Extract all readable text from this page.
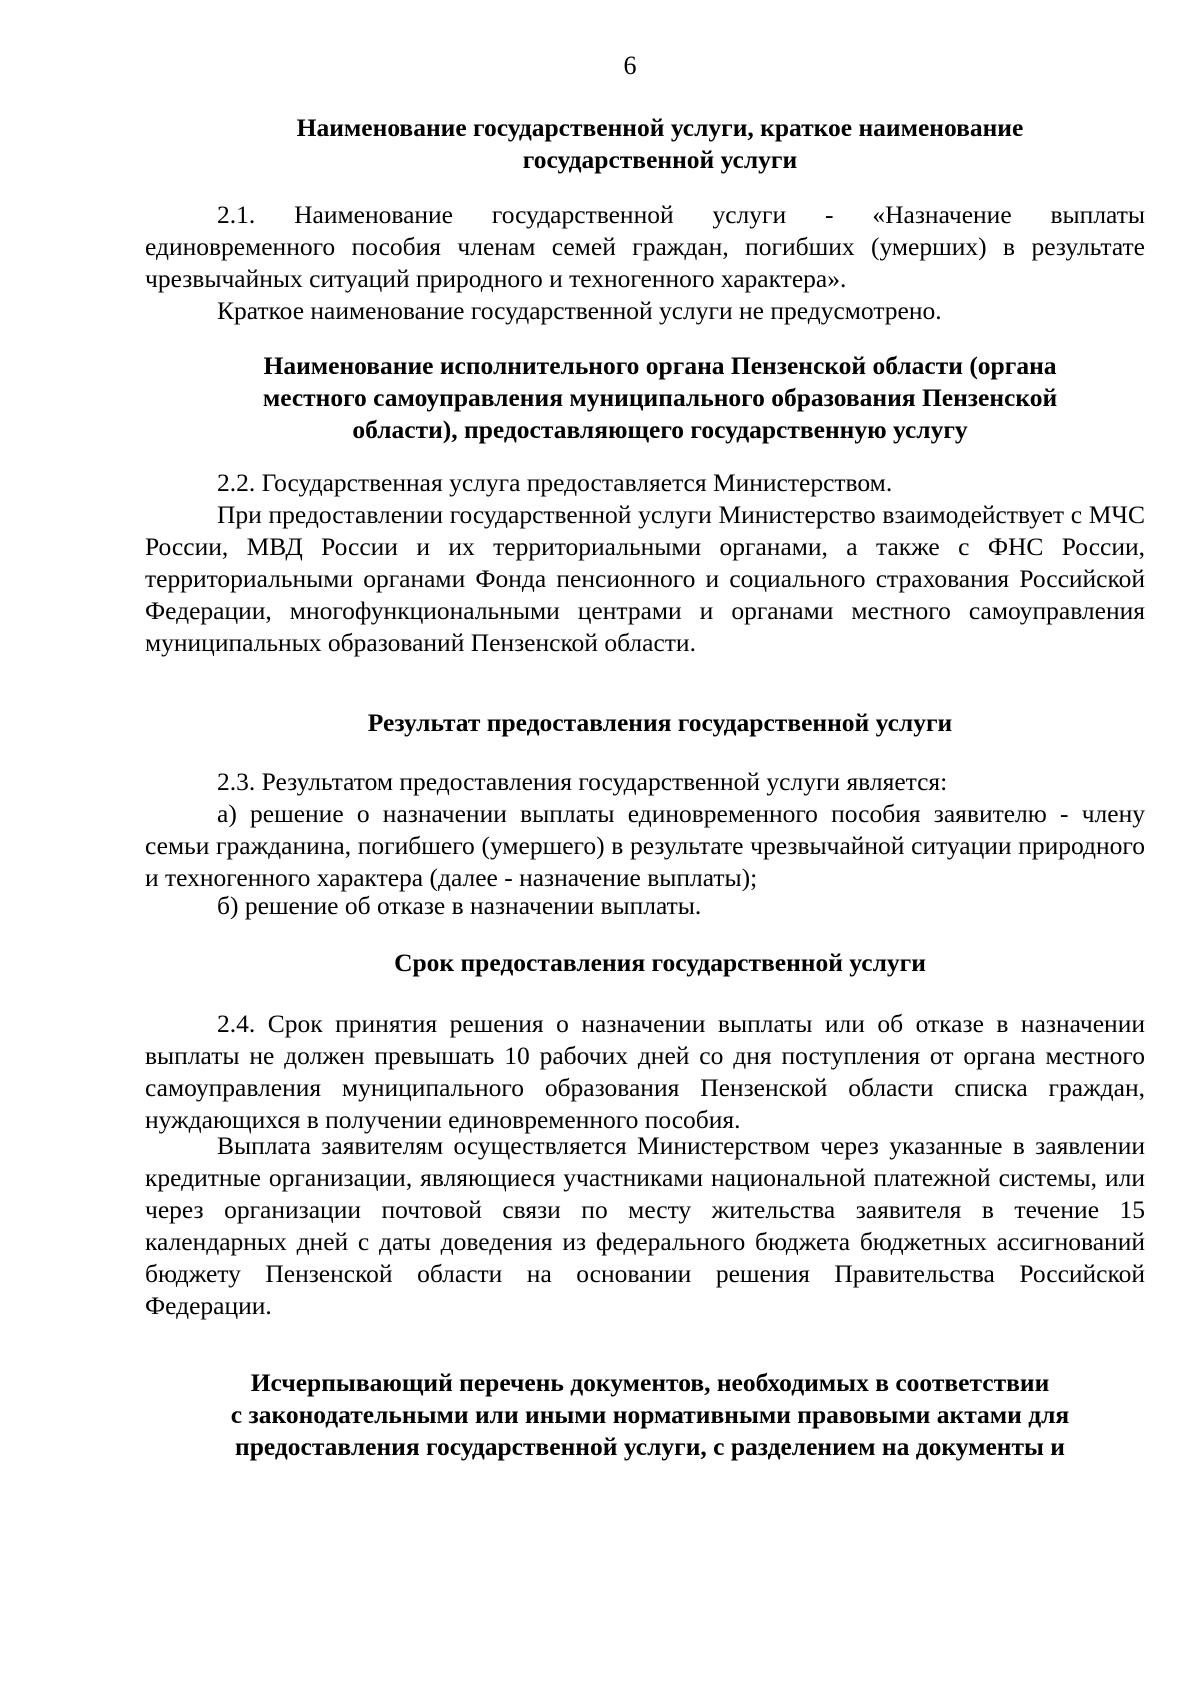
6
Наименование государственной услуги, краткое наименование
государственной услуги

2.1. Наименование государственной услуги - «Назначение выплаты единовременного пособия членам семей граждан, погибших (умерших) в результате чрезвычайных ситуаций природного и техногенного характера».

Краткое наименование государственной услуги не предусмотрено.

Наименование исполнительного органа Пензенской области (органа
местного самоуправления муниципального образования Пензенской
области), предоставляющего государственную услугу

2.2. Государственная услуга предоставляется Министерством.

При предоставлении государственной услуги Министерство взаимодействует с МЧС России, МВД России и их территориальными органами, а также с ФНС России, территориальными органами Фонда пенсионного и социального страхования Российской Федерации, многофункциональными центрами и органами местного самоуправления муниципальных образований Пензенской области.

Результат предоставления государственной услуги

2.3. Результатом предоставления государственной услуги является:

а) решение о назначении выплаты единовременного пособия заявителю - члену семьи гражданина, погибшего (умершего) в результате чрезвычайной ситуации природного и техногенного характера (далее - назначение выплаты);

б) решение об отказе в назначении выплаты.

Срок предоставления государственной услуги

2.4. Срок принятия решения о назначении выплаты или об отказе в назначении выплаты не должен превышать 10 рабочих дней со дня поступления от органа местного самоуправления муниципального образования Пензенской области списка граждан, нуждающихся в получении единовременного пособия.

Выплата заявителям осуществляется Министерством через указанные в заявлении кредитные организации, являющиеся участниками национальной платежной системы, или через организации почтовой связи по месту жительства заявителя в течение 15 календарных дней с даты доведения из федерального бюджета бюджетных ассигнований бюджету Пензенской области на основании решения Правительства Российской Федерации.

Исчерпывающий перечень документов, необходимых в соответствии
с законодательными или иными нормативными правовыми актами для
предоставления государственной услуги, с разделением на документы и
